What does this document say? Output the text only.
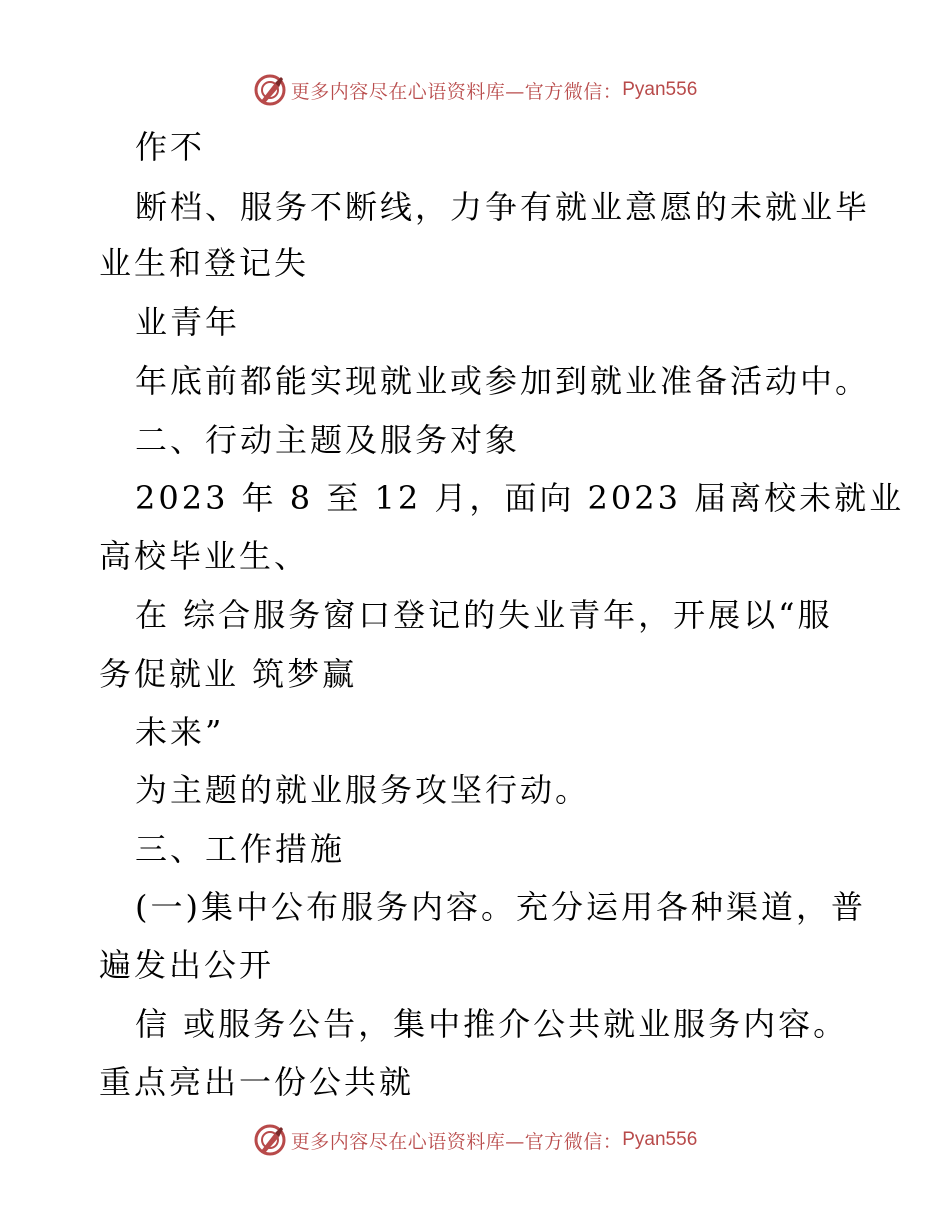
更多内容尽在心语资料库—官方微信： Pyan556
作不
断档、服务不断线，力争有就业意愿的未就业毕
业生和登记失
业青年
年底前都能实现就业或参加到就业准备活动中。
二、行动主题及服务对象
2023 年 8 至 12 月，面向 2023 届离校未就业
高校毕业生、
在 综合服务窗口登记的失业青年，开展以“服
务促就业 筑梦赢
未来”
为主题的就业服务攻坚行动。
三、工作措施
(一)集中公布服务内容。充分运用各种渠道，普
遍发出公开
信 或服务公告，集中推介公共就业服务内容。
重点亮出一份公共就
更多内容尽在心语资料库—官方微信： Pyan556
